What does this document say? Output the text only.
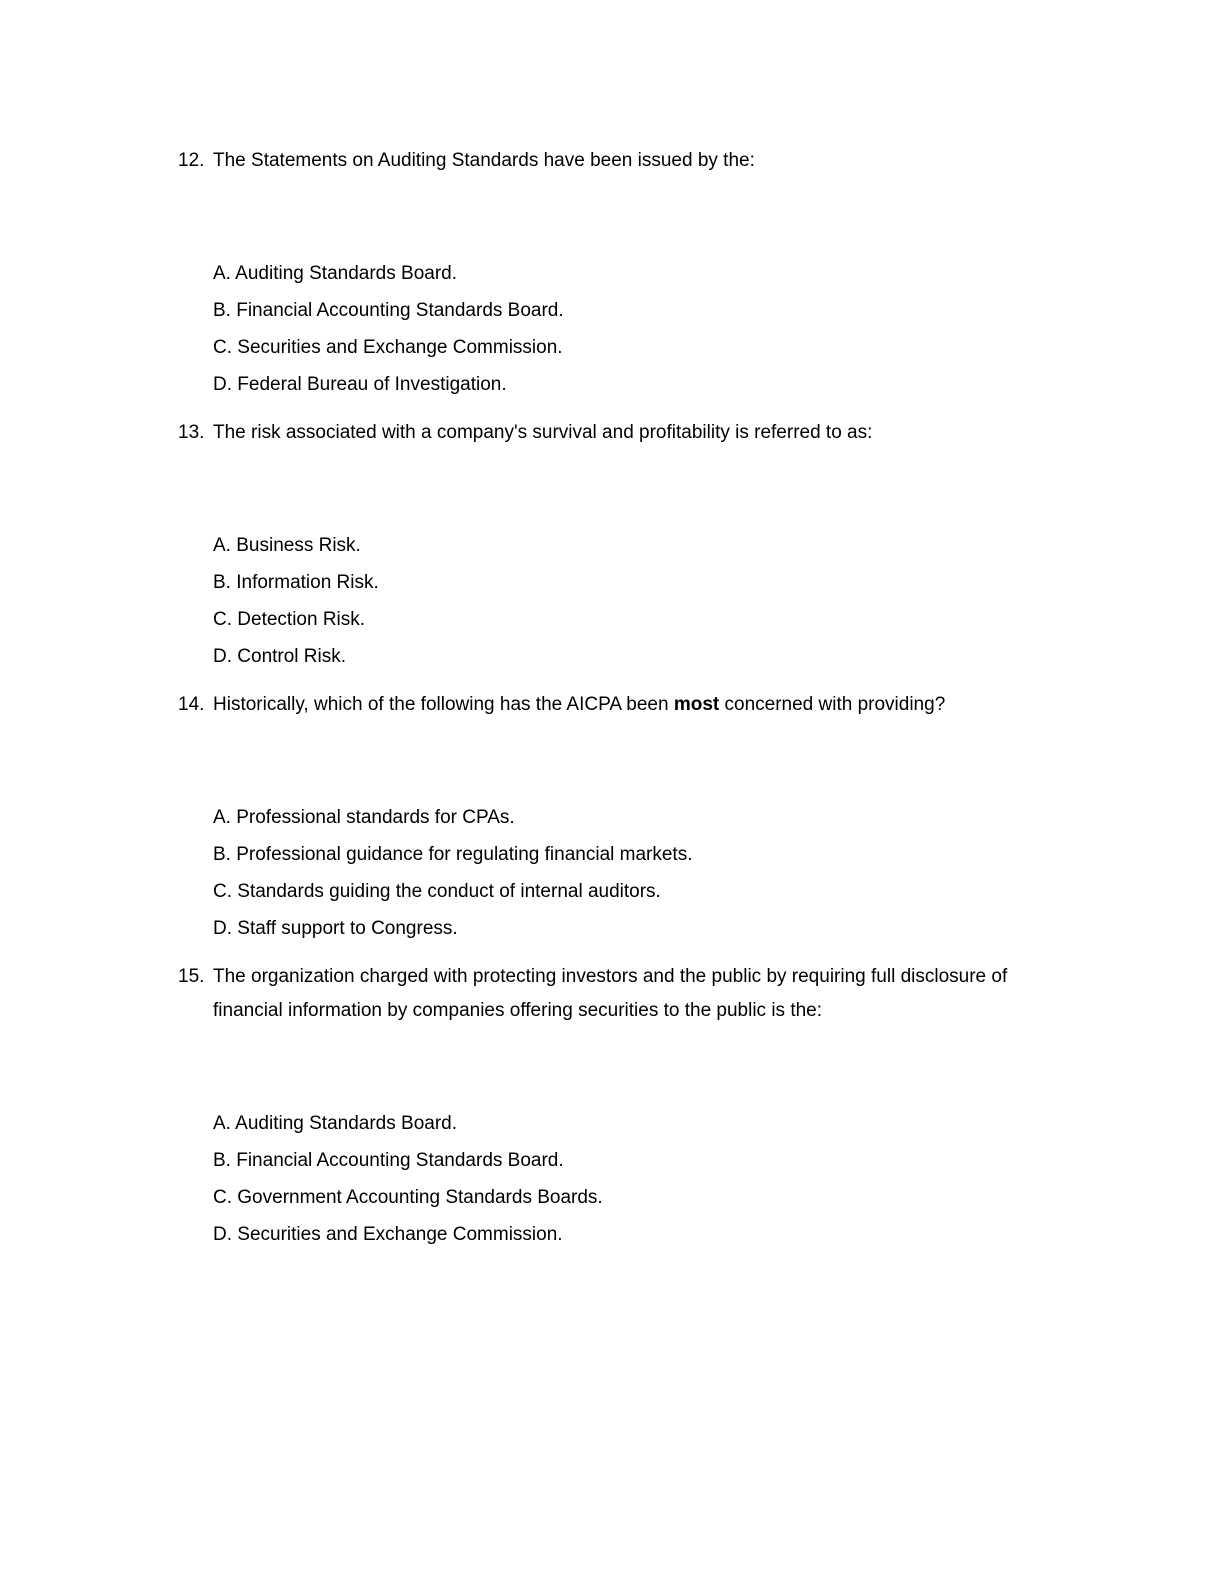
12. The Statements on Auditing Standards have been issued by the:
A. Auditing Standards Board.
B. Financial Accounting Standards Board.
C. Securities and Exchange Commission.
D. Federal Bureau of Investigation.
13. The risk associated with a company's survival and profitability is referred to as:
A. Business Risk.
B. Information Risk.
C. Detection Risk.
D. Control Risk.
14. Historically, which of the following has the AICPA been most concerned with providing?
A. Professional standards for CPAs.
B. Professional guidance for regulating financial markets.
C. Standards guiding the conduct of internal auditors.
D. Staff support to Congress.
15. The organization charged with protecting investors and the public by requiring full disclosure of financial information by companies offering securities to the public is the:
A. Auditing Standards Board.
B. Financial Accounting Standards Board.
C. Government Accounting Standards Boards.
D. Securities and Exchange Commission.
